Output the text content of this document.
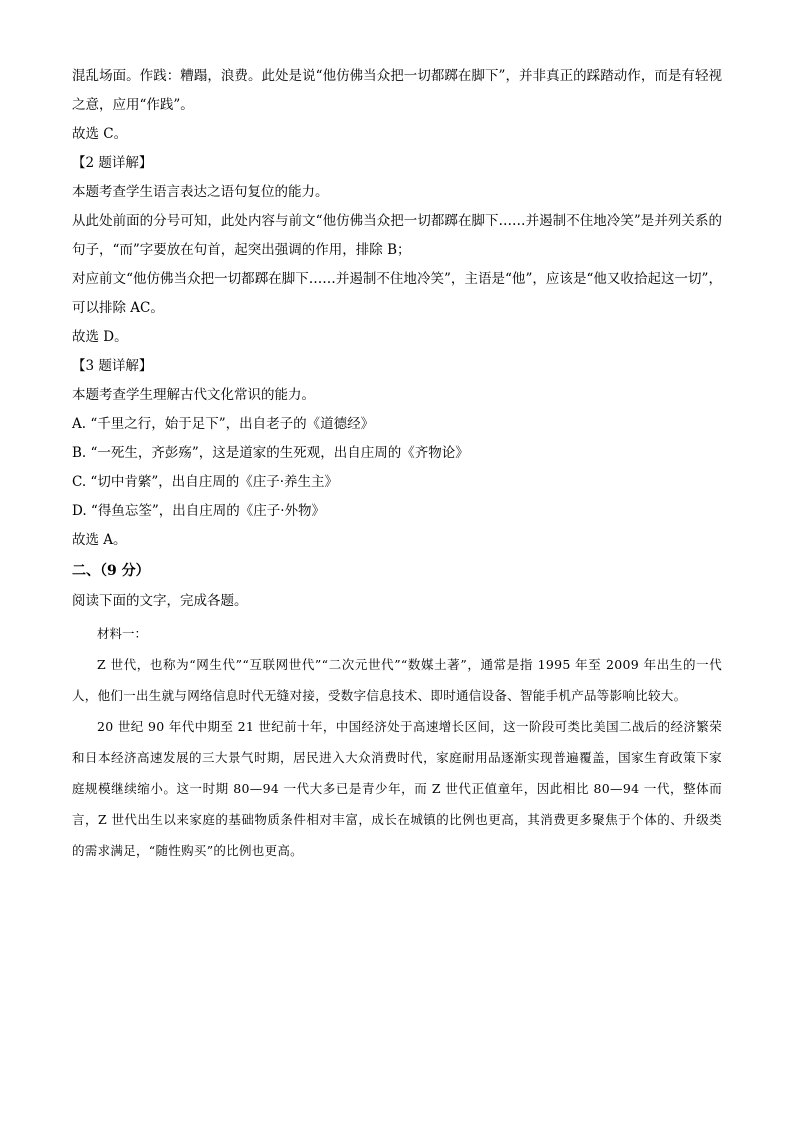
混乱场面。作践：糟蹋，浪费。此处是说“他仿佛当众把一切都踯在脚下”，并非真正的踩踏动作，而是有轻视之意，应用“作践”。
故选 C。
【2 题详解】
本题考查学生语言表达之语句复位的能力。
从此处前面的分号可知，此处内容与前文“他仿佛当众把一切都踯在脚下……并遏制不住地冷笑”是并列关系的句子，“而”字要放在句首，起突出强调的作用，排除 B；
对应前文“他仿佛当众把一切都踯在脚下……并遏制不住地冷笑”，主语是“他”，应该是“他又收拾起这一切”，可以排除 AC。
故选 D。
【3 题详解】
本题考查学生理解古代文化常识的能力。
A. “千里之行，始于足下”，出自老子的《道德经》
B. “一死生，齐彭殇”，这是道家的生死观，出自庄周的《齐物论》
C. “切中肯綮”，出自庄周的《庄子·养生主》
D. “得鱼忘筌”，出自庄周的《庄子·外物》
故选 A。
二、（9 分）
阅读下面的文字，完成各题。
材料一：
Z 世代，也称为“网生代”“互联网世代”“二次元世代”“数媒土著”，通常是指 1995 年至 2009 年出生的一代人，他们一出生就与网络信息时代无缝对接，受数字信息技术、即时通信设备、智能手机产品等影响比较大。
20 世纪 90 年代中期至 21 世纪前十年，中国经济处于高速增长区间，这一阶段可类比美国二战后的经济繁荣和日本经济高速发展的三大景气时期，居民进入大众消费时代，家庭耐用品逐渐实现普遍覆盖，国家生育政策下家庭规模继续缩小。这一时期 80—94 一代大多已是青少年，而 Z 世代正值童年，因此相比 80—94 一代，整体而言，Z 世代出生以来家庭的基础物质条件相对丰富，成长在城镇的比例也更高，其消费更多聚焦于个体的、升级类的需求满足，“随性购买”的比例也更高。
